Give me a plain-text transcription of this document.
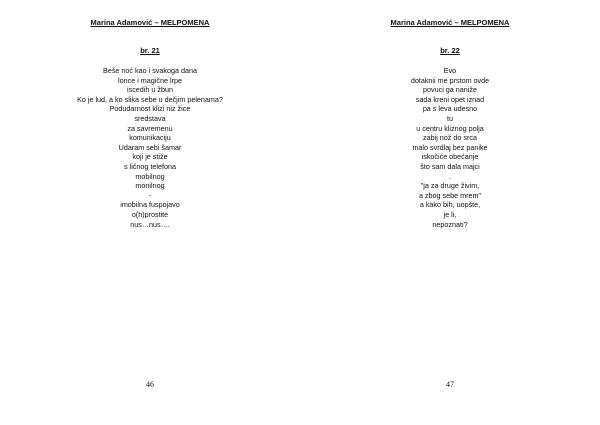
Marina Adamović – MELPOMENA
br. 21
Beše noć kao i svakoga dana
lonce i magične lrpe
iscedih u žbun
Ko je lud, a ko slika sebe u dečjim pelenama?
Podudarnost klizi niz žice
sredstava
za savremenu
komunikaciju
Udaram sebi šamar
koji je stiže
s ličnog telefona
mobilnog
monilnog
-
imobilna fuspojavo
o(h)prostite
nus…nus….
46
Marina Adamović – MELPOMENA
br. 22
Evo
dotaknii me prstom ovde
povuci ga naniže
sada kreni opet iznad
pa s leva udesno
tu
u centru kliznog polja
zabij nož do srca
malo svrdlaj bez panike
iskočiće obećanje
što sam dala majci
.
"ja za druge živim,
a zbog sebe mrem"
a kako bih, uopšte,
je li,
nepoznati?
47
